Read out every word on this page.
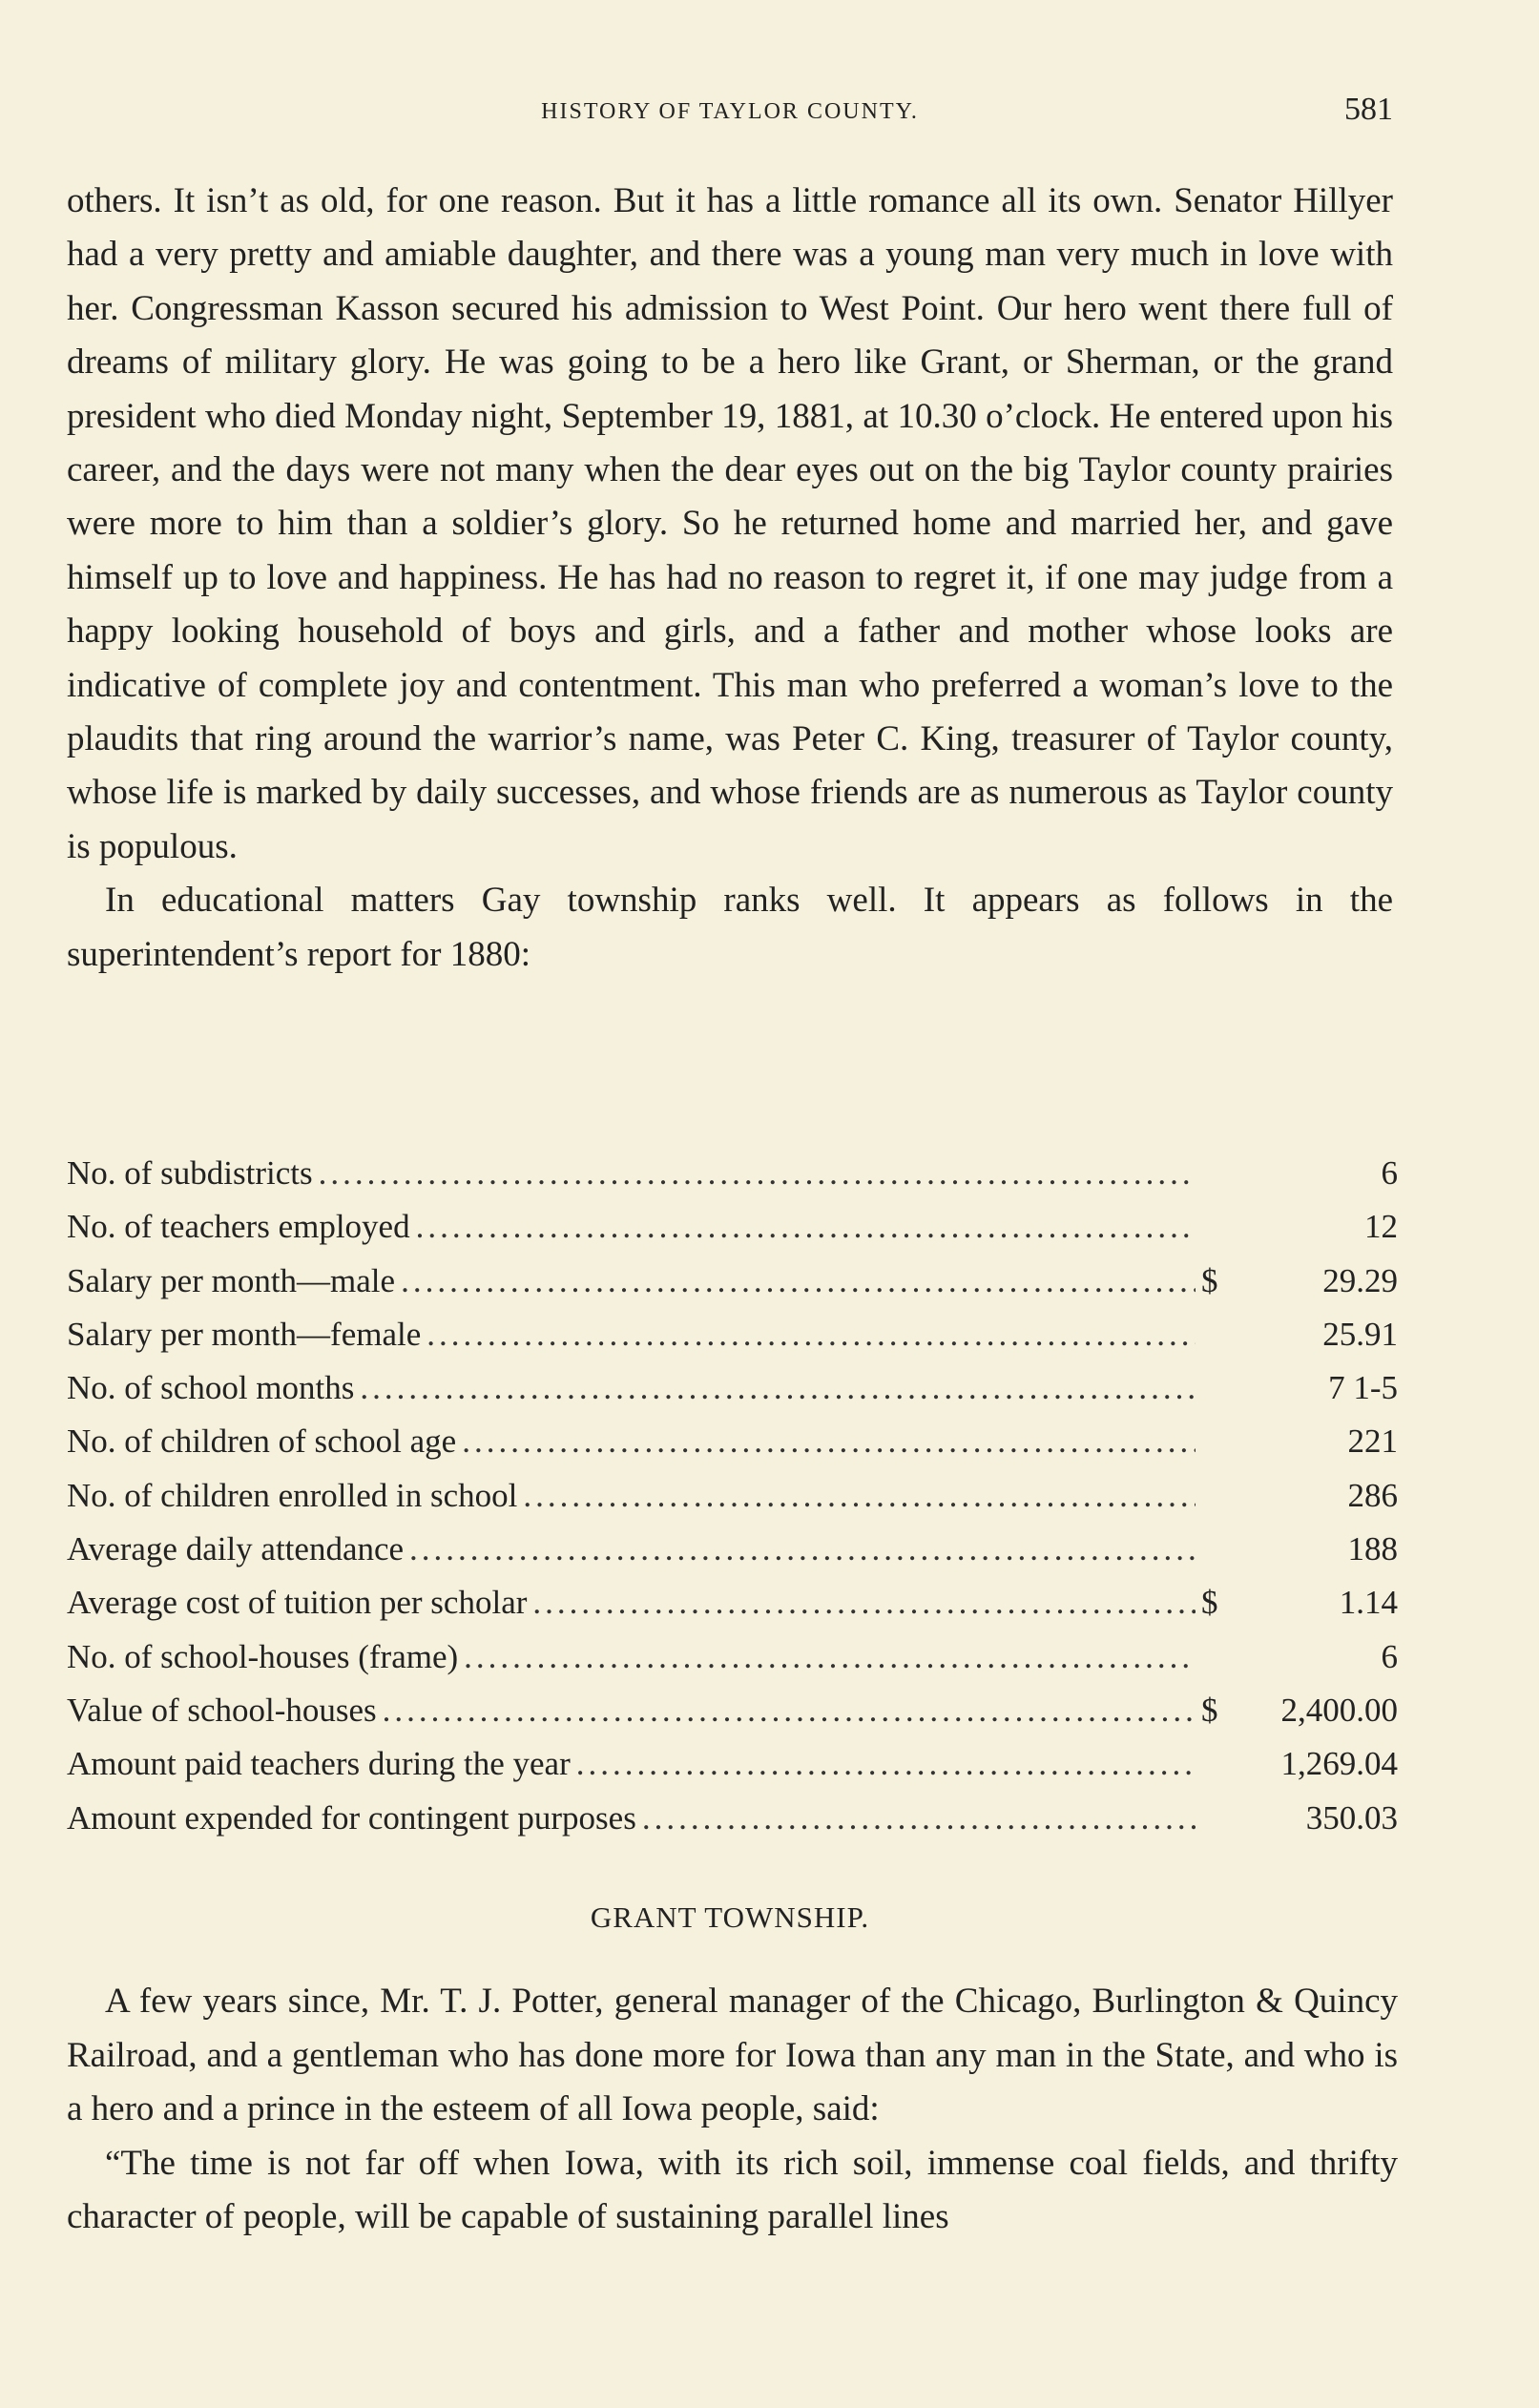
HISTORY OF TAYLOR COUNTY.	581

others. It isn’t as old, for one reason. But it has a little romance all its own. Senator Hillyer had a very pretty and amiable daughter, and there was a young man very much in love with her. Congressman Kasson secured his admission to West Point. Our hero went there full of dreams of military glory. He was going to be a hero like Grant, or Sherman, or the grand president who died Monday night, September 19, 1881, at 10.30 o’clock. He entered upon his career, and the days were not many when the dear eyes out on the big Taylor county prairies were more to him than a soldier’s glory. So he returned home and married her, and gave himself up to love and happiness. He has had no reason to regret it, if one may judge from a happy looking household of boys and girls, and a father and mother whose looks are indicative of complete joy and contentment. This man who preferred a woman’s love to the plaudits that ring around the warrior’s name, was Peter C. King, treasurer of Taylor county, whose life is marked by daily successes, and whose friends are as numerous as Taylor county is populous.

In educational matters Gay township ranks well. It appears as follows in the superintendent’s report for 1880:

No. of subdistricts .....	6
No. of teachers employed .....	12
Salary per month—male .....	$	29.29
Salary per month—female .....	25.91
No. of school months .....	7 1-5
No. of children of school age .....	221
No. of children enrolled in school .....	286
Average daily attendance .....	188
Average cost of tuition per scholar .....	$	1.14
No. of school-houses (frame) .....	6
Value of school-houses .....	$	2,400.00
Amount paid teachers during the year .....	1,269.04
Amount expended for contingent purposes .....	350.03
GRANT TOWNSHIP.

A few years since, Mr. T. J. Potter, general manager of the Chicago, Burlington & Quincy Railroad, and a gentleman who has done more for Iowa than any man in the State, and who is a hero and a prince in the esteem of all Iowa people, said:

“The time is not far off when Iowa, with its rich soil, immense coal fields, and thrifty character of people, will be capable of sustaining parallel lines
